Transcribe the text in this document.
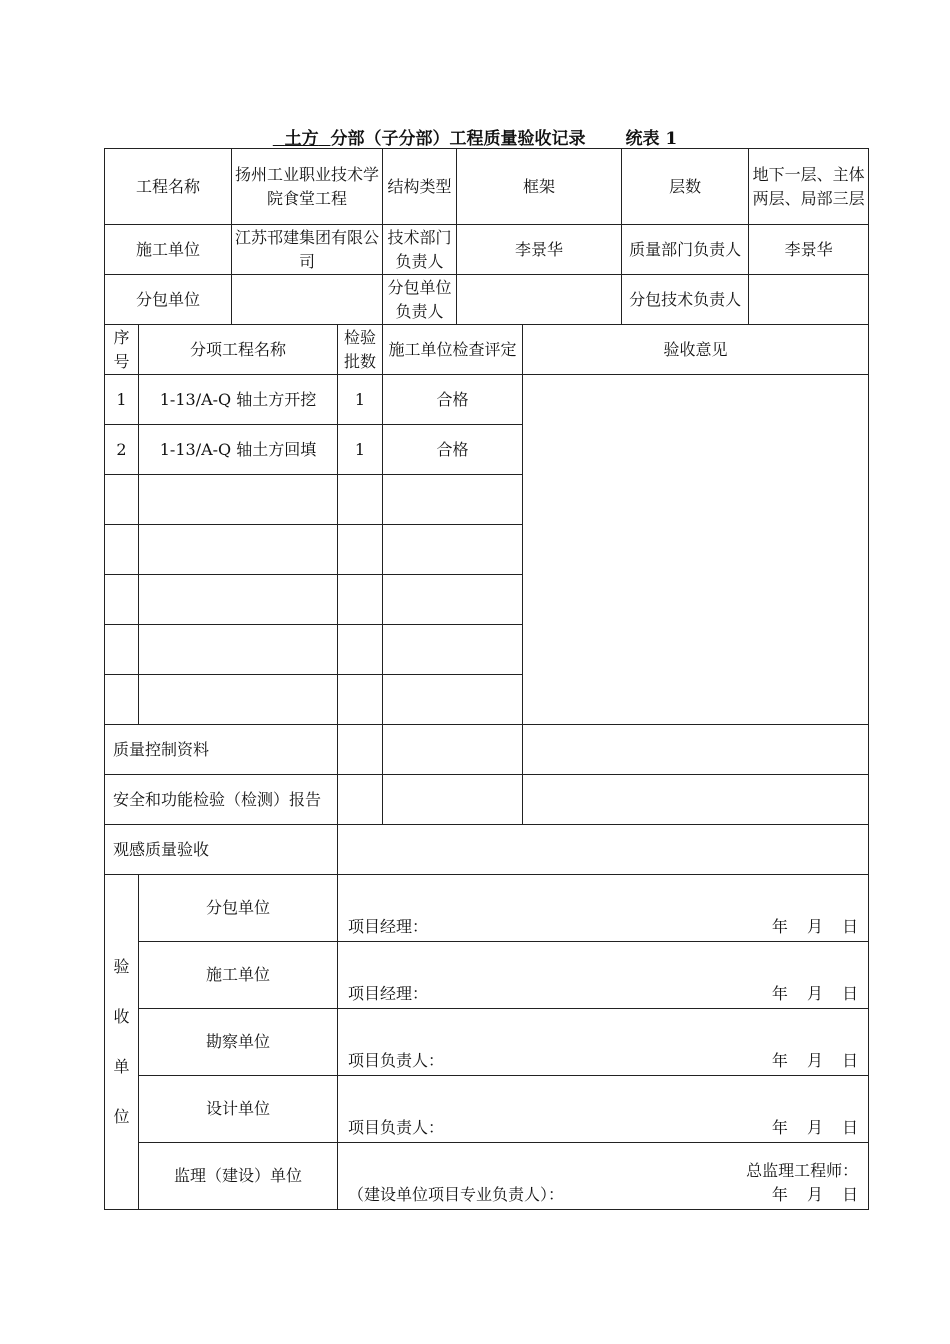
土方 分部（子分部）工程质量验收记录 统表 1
工程名称		扬州工业职业技术学院食堂工程		结构类型	框架		层数	地下一层、主体两层、局部三层
施工单位		江苏邗建集团有限公司		技术部门负责人	李景华		质量部门负责人	李景华
分包单位				分包单位负责人			分包技术负责人	
序号	分项工程名称		检验批数	施工单位检查评定		验收意见		
1	1-13/A-Q 轴土方开挖		1	合格				
2	1-13/A-Q 轴土方回填		1	合格				

质量控制资料								
安全和功能检验（检测）报告								
观感质量验收								
验收单位	分包单位		项目经理： 年 月 日					

	施工单位		项目经理： 年 月 日					

	勘察单位		项目负责人： 年 月 日					

	设计单位		项目负责人： 年 月 日					

	监理（建设）单位		总监理工程师：
（建设单位项目专业负责人）： 年 月 日					
